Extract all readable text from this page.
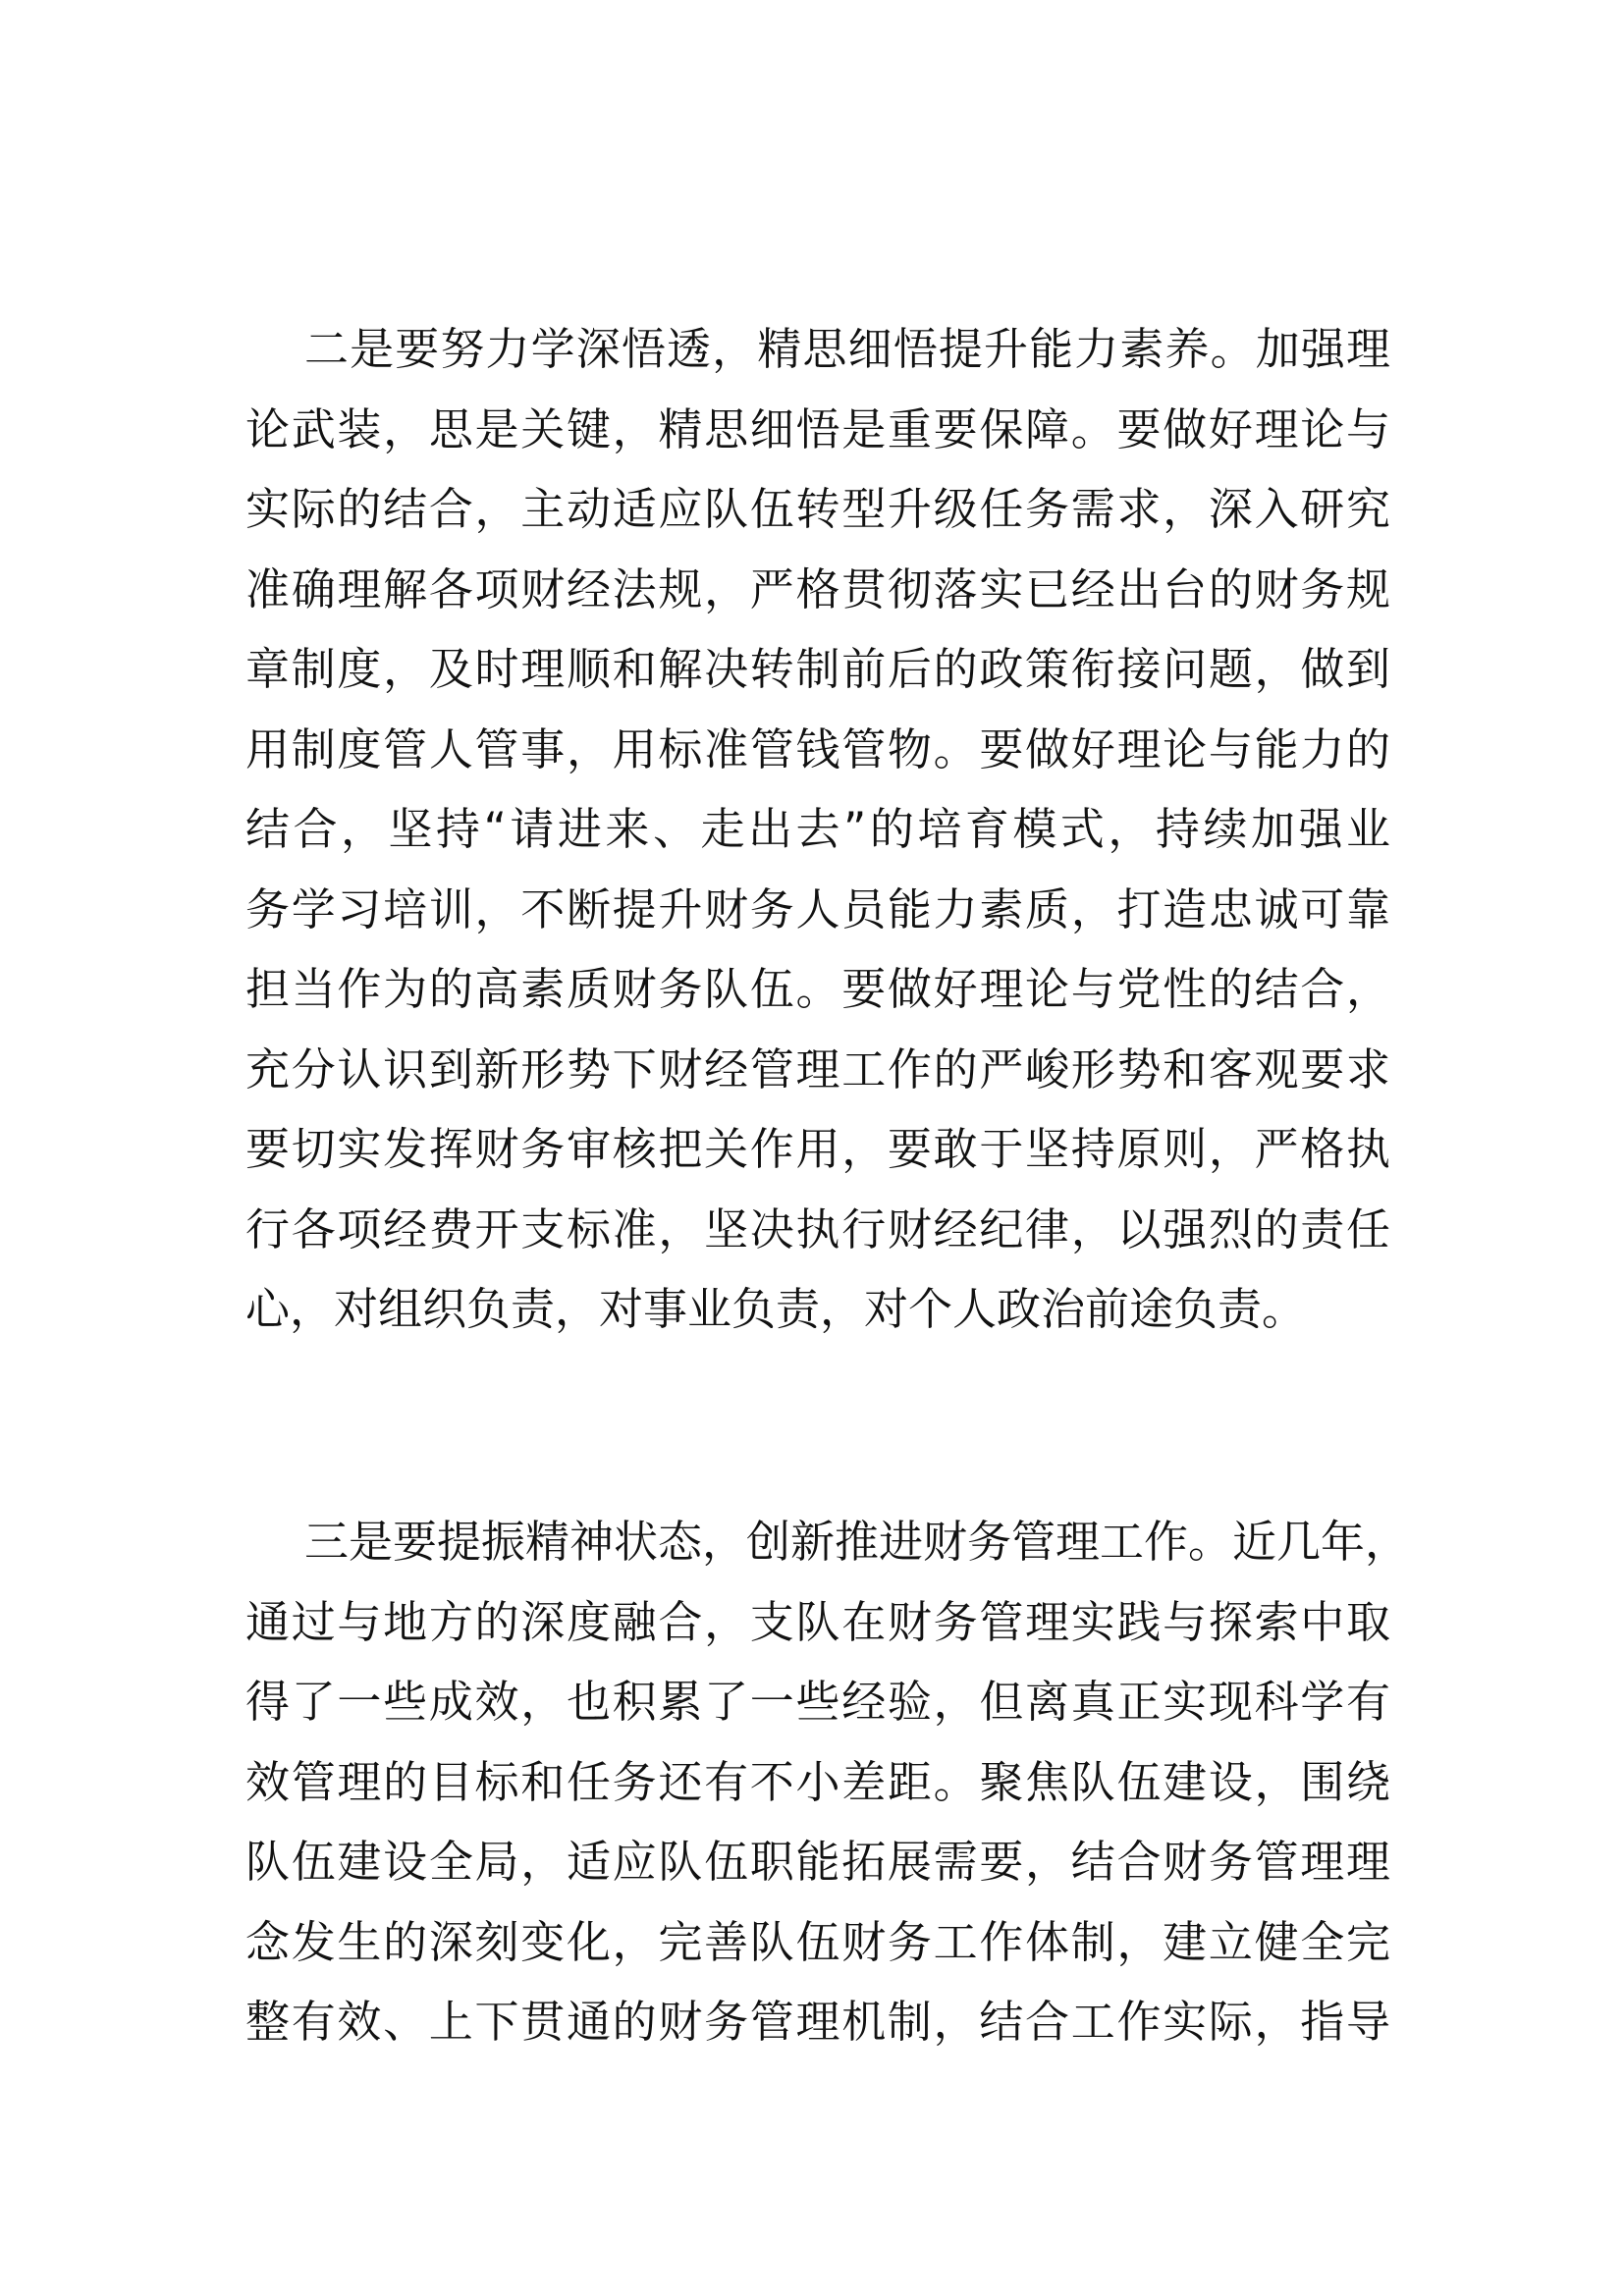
二是要努力学深悟透，精思细悟提升能力素养。加强理
论武装，思是关键，精思细悟是重要保障。要做好理论与
实际的结合，主动适应队伍转型升级任务需求，深入研究
准确理解各项财经法规，严格贯彻落实已经出台的财务规
章制度，及时理顺和解决转制前后的政策衔接问题，做到
用制度管人管事，用标准管钱管物。要做好理论与能力的
结合，坚持“请进来、走出去”的培育模式，持续加强业
务学习培训，不断提升财务人员能力素质，打造忠诚可靠
担当作为的高素质财务队伍。要做好理论与党性的结合，
充分认识到新形势下财经管理工作的严峻形势和客观要求
要切实发挥财务审核把关作用，要敢于坚持原则，严格执
行各项经费开支标准，坚决执行财经纪律，以强烈的责任
心，对组织负责，对事业负责，对个人政治前途负责。
三是要提振精神状态，创新推进财务管理工作。近几年，
通过与地方的深度融合，支队在财务管理实践与探索中取
得了一些成效，也积累了一些经验，但离真正实现科学有
效管理的目标和任务还有不小差距。聚焦队伍建设，围绕
队伍建设全局，适应队伍职能拓展需要，结合财务管理理
念发生的深刻变化，完善队伍财务工作体制，建立健全完
整有效、上下贯通的财务管理机制，结合工作实际，指导
